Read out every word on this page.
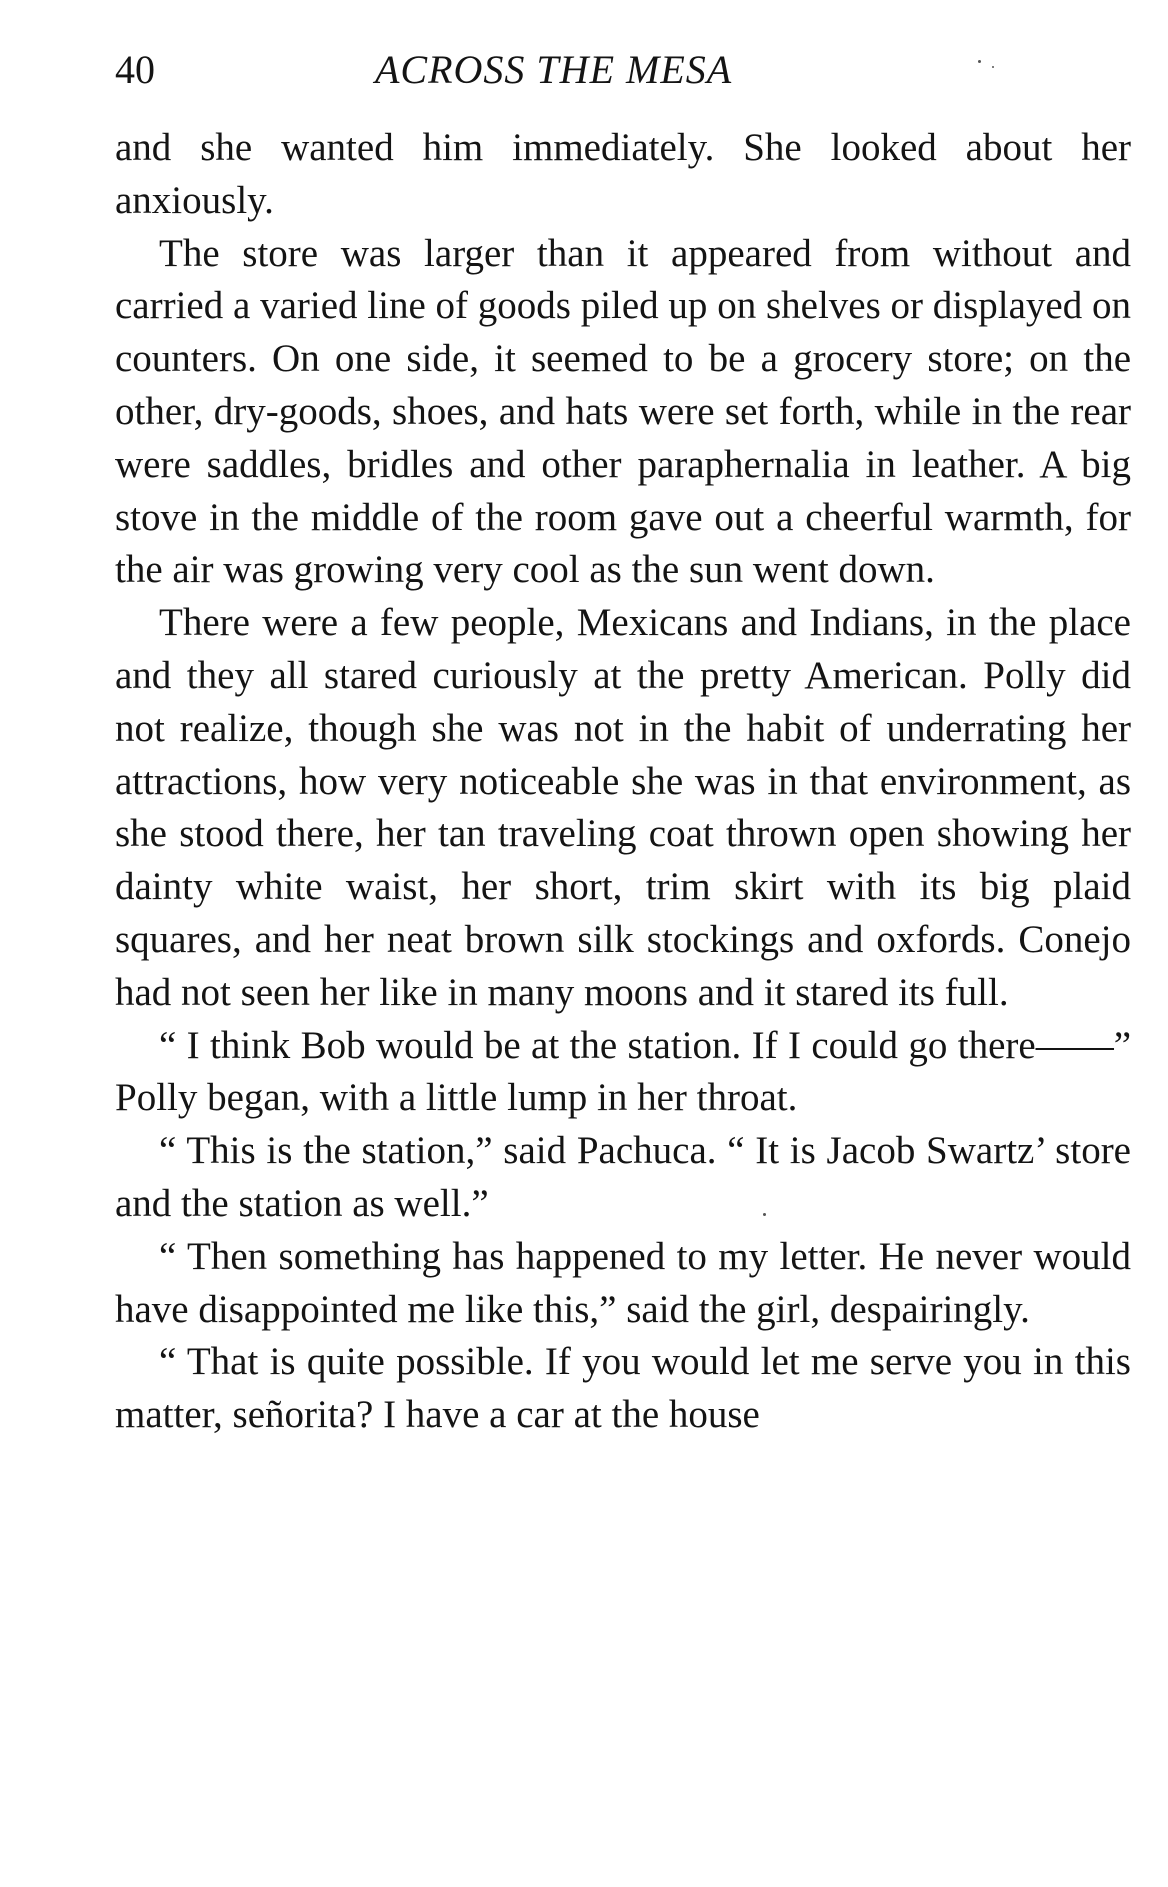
40	ACROSS THE MESA

and she wanted him immediately. She looked about her anxiously.

The store was larger than it appeared from without and carried a varied line of goods piled up on shelves or displayed on counters. On one side, it seemed to be a grocery store; on the other, dry-goods, shoes, and hats were set forth, while in the rear were saddles, bridles and other paraphernalia in leather. A big stove in the middle of the room gave out a cheerful warmth, for the air was growing very cool as the sun went down.

There were a few people, Mexicans and Indians, in the place and they all stared curiously at the pretty American. Polly did not realize, though she was not in the habit of underrating her attractions, how very noticeable she was in that environment, as she stood there, her tan traveling coat thrown open showing her dainty white waist, her short, trim skirt with its big plaid squares, and her neat brown silk stockings and oxfords. Conejo had not seen her like in many moons and it stared its full.

“ I think Bob would be at the station. If I could go there——” Polly began, with a little lump in her throat.

“ This is the station,” said Pachuca. “ It is Jacob Swartz’ store and the station as well.”

“ Then something has happened to my letter. He never would have disappointed me like this,” said the girl, despairingly.

“ That is quite possible. If you would let me serve you in this matter, señorita? I have a car at the house
